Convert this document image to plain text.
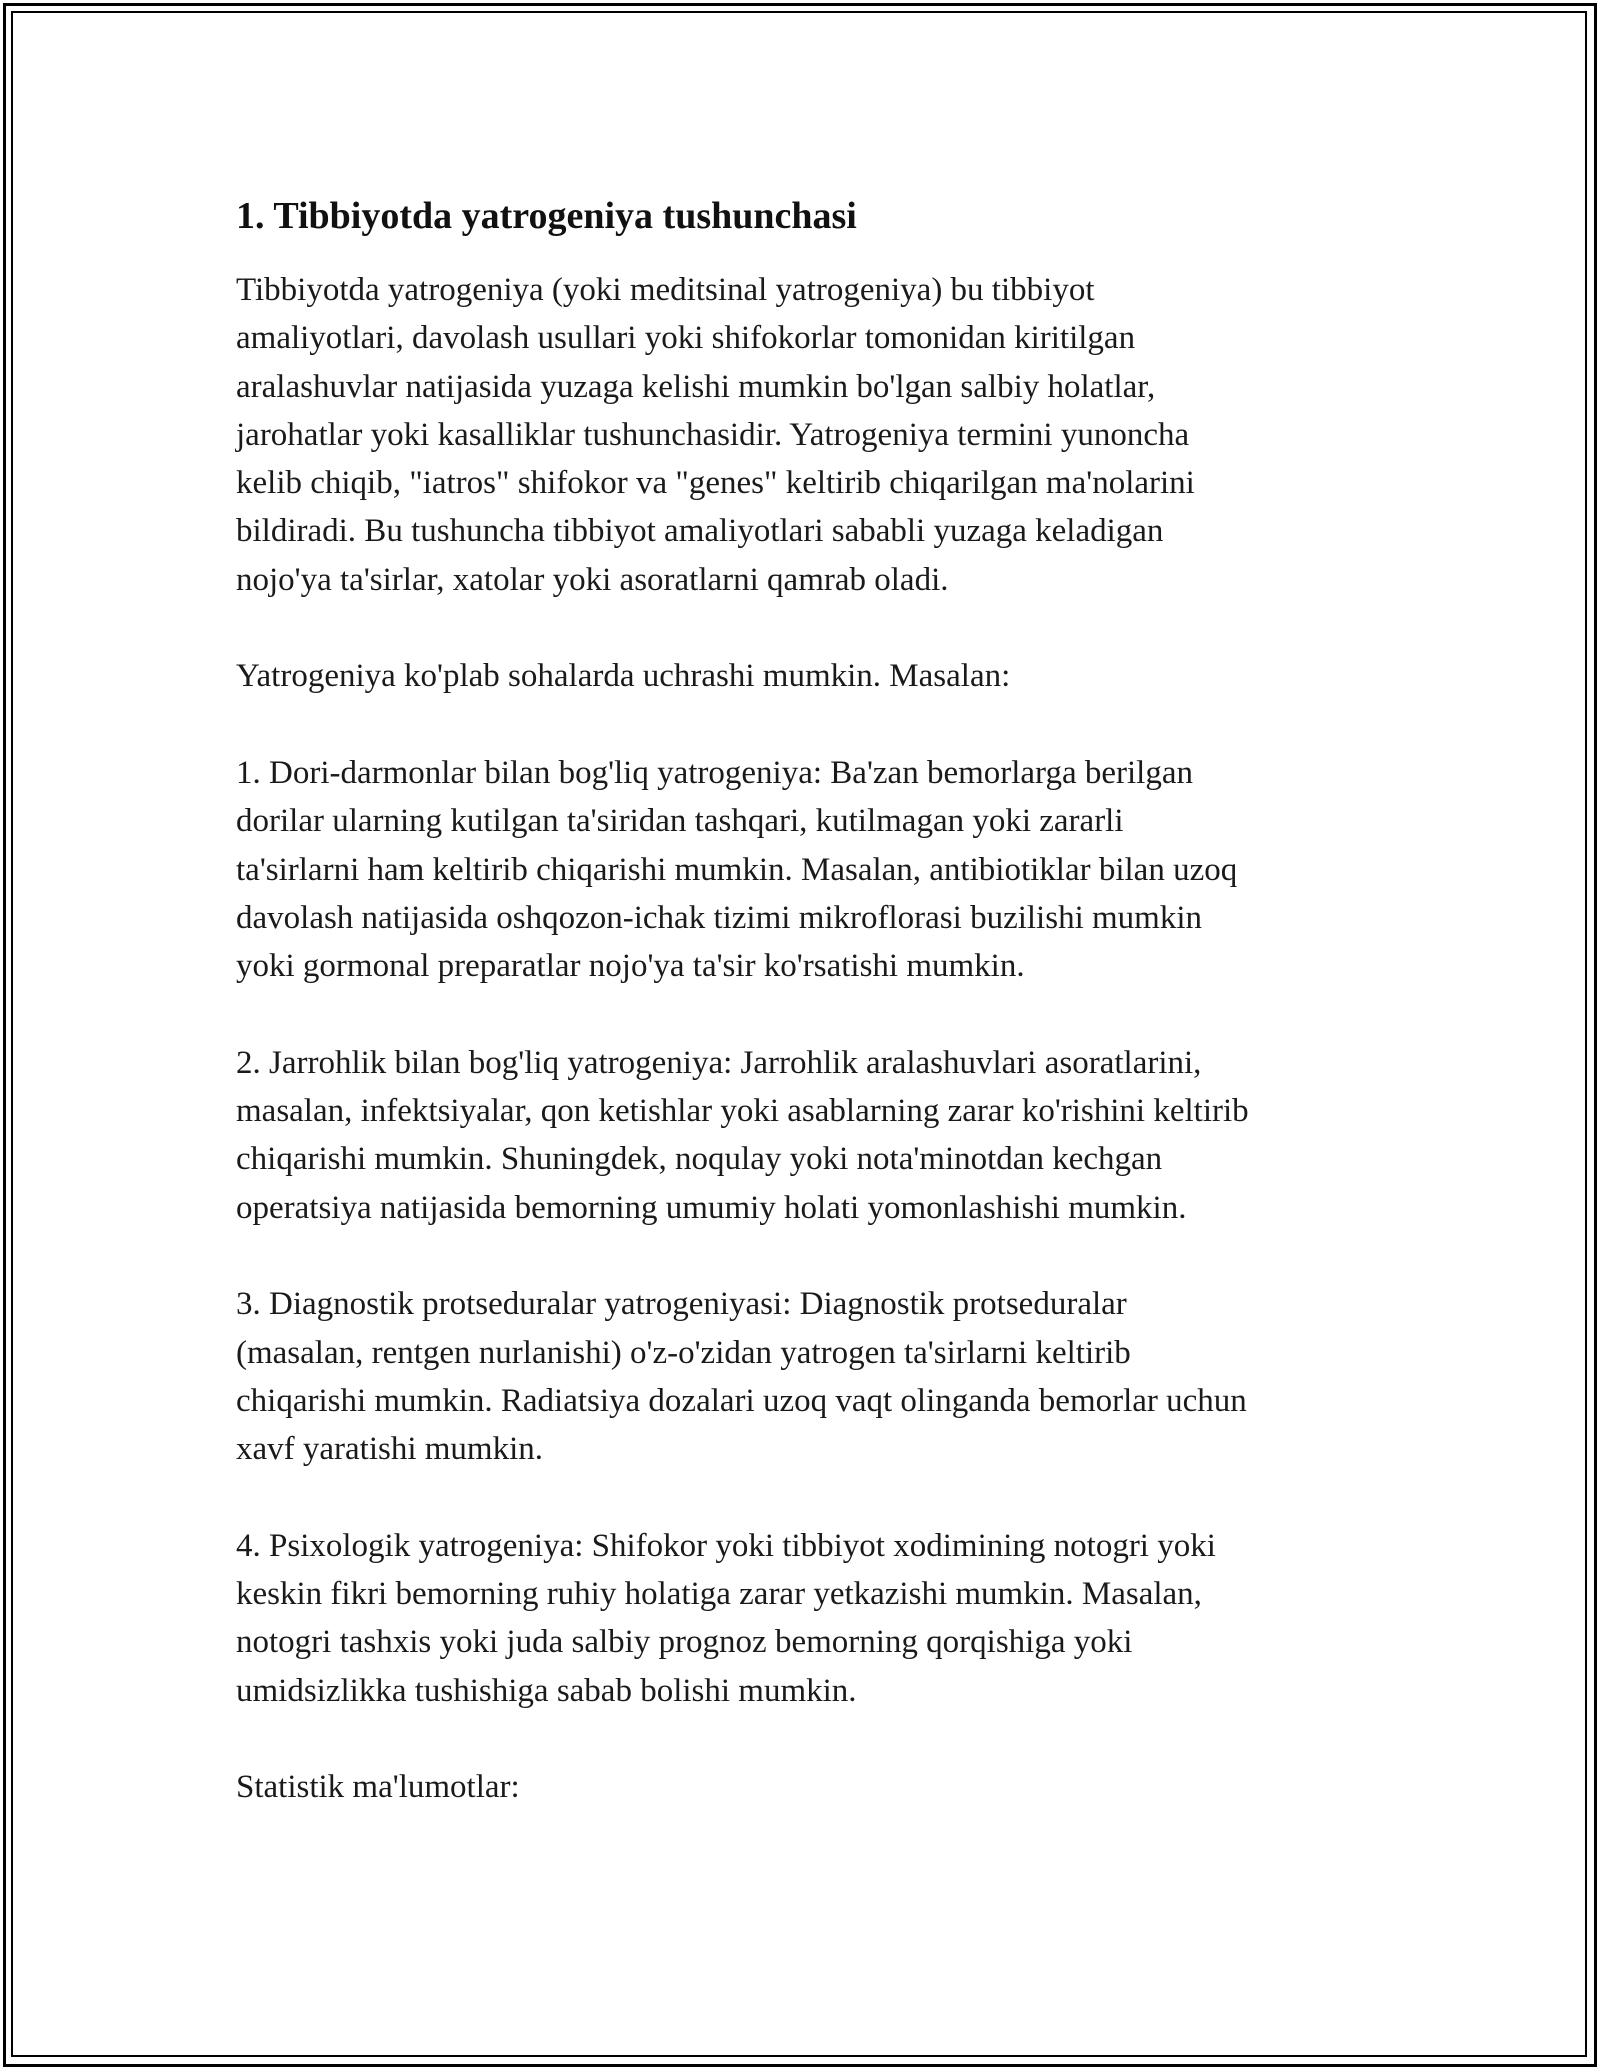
1. Tibbiyotda yatrogeniya tushunchasi

Tibbiyotda yatrogeniya (yoki meditsinal yatrogeniya) bu tibbiyot
amaliyotlari, davolash usullari yoki shifokorlar tomonidan kiritilgan
aralashuvlar natijasida yuzaga kelishi mumkin bo'lgan salbiy holatlar,
jarohatlar yoki kasalliklar tushunchasidir. Yatrogeniya termini yunoncha
kelib chiqib, "iatros" shifokor va "genes" keltirib chiqarilgan ma'nolarini
bildiradi. Bu tushuncha tibbiyot amaliyotlari sababli yuzaga keladigan
nojo'ya ta'sirlar, xatolar yoki asoratlarni qamrab oladi.

Yatrogeniya ko'plab sohalarda uchrashi mumkin. Masalan:

1. Dori-darmonlar bilan bog'liq yatrogeniya: Ba'zan bemorlarga berilgan
dorilar ularning kutilgan ta'siridan tashqari, kutilmagan yoki zararli
ta'sirlarni ham keltirib chiqarishi mumkin. Masalan, antibiotiklar bilan uzoq
davolash natijasida oshqozon-ichak tizimi mikroflorasi buzilishi mumkin
yoki gormonal preparatlar nojo'ya ta'sir ko'rsatishi mumkin.

2. Jarrohlik bilan bog'liq yatrogeniya: Jarrohlik aralashuvlari asoratlarini,
masalan, infektsiyalar, qon ketishlar yoki asablarning zarar ko'rishini keltirib
chiqarishi mumkin. Shuningdek, noqulay yoki nota'minotdan kechgan
operatsiya natijasida bemorning umumiy holati yomonlashishi mumkin.

3. Diagnostik protseduralar yatrogeniyasi: Diagnostik protseduralar
(masalan, rentgen nurlanishi) o'z-o'zidan yatrogen ta'sirlarni keltirib
chiqarishi mumkin. Radiatsiya dozalari uzoq vaqt olinganda bemorlar uchun
xavf yaratishi mumkin.

4. Psixologik yatrogeniya: Shifokor yoki tibbiyot xodimining notogri yoki
keskin fikri bemorning ruhiy holatiga zarar yetkazishi mumkin. Masalan,
notogri tashxis yoki juda salbiy prognoz bemorning qorqishiga yoki
umidsizlikka tushishiga sabab bolishi mumkin.

Statistik ma'lumotlar:
